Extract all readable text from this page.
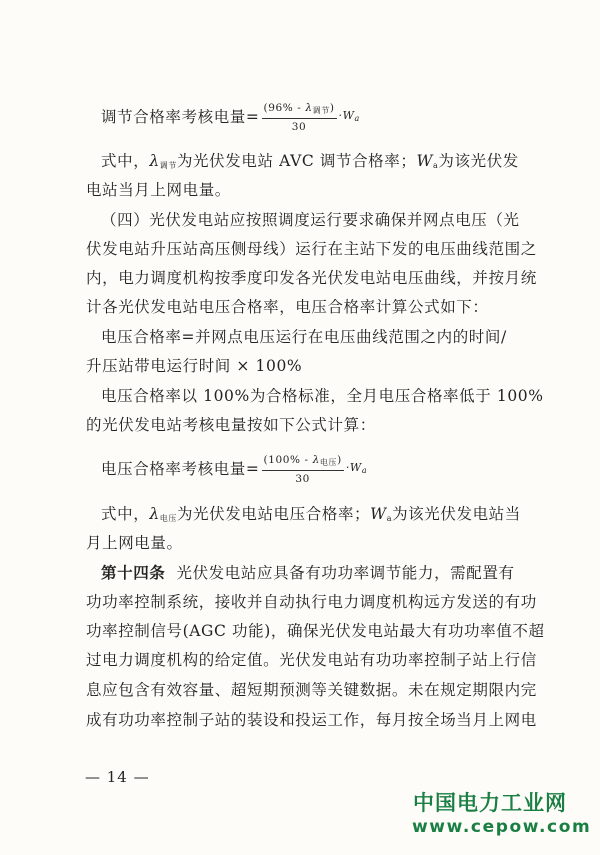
调节合格率考核电量= $\frac{(96\% - \lambda_{调节})}{30} \cdot W_a$
式中，$\lambda_{调节}$为光伏发电站 AVC 调节合格率；$W_a$为该光伏发
电站当月上网电量。
（四）光伏发电站应按照调度运行要求确保并网点电压（光
伏发电站升压站高压侧母线）运行在主站下发的电压曲线范围之
内，电力调度机构按季度印发各光伏发电站电压曲线，并按月统
计各光伏发电站电压合格率，电压合格率计算公式如下：
电压合格率=并网点电压运行在电压曲线范围之内的时间/
升压站带电运行时间 × 100%
电压合格率以 100%为合格标准，全月电压合格率低于 100%
的光伏发电站考核电量按如下公式计算：
电压合格率考核电量= $\frac{(100\% - \lambda_{电压})}{30} \cdot W_a$
式中，$\lambda_{电压}$为光伏发电站电压合格率；$W_a$为该光伏发电站当
月上网电量。
第十四条 光伏发电站应具备有功功率调节能力，需配置有
功功率控制系统，接收并自动执行电力调度机构远方发送的有功
功率控制信号(AGC 功能)，确保光伏发电站最大有功功率值不超
过电力调度机构的给定值。光伏发电站有功功率控制子站上行信
息应包含有效容量、超短期预测等关键数据。未在规定期限内完
成有功功率控制子站的装设和投运工作，每月按全场当月上网电
— 14 —
中国电力工业网
www.cepow.com
